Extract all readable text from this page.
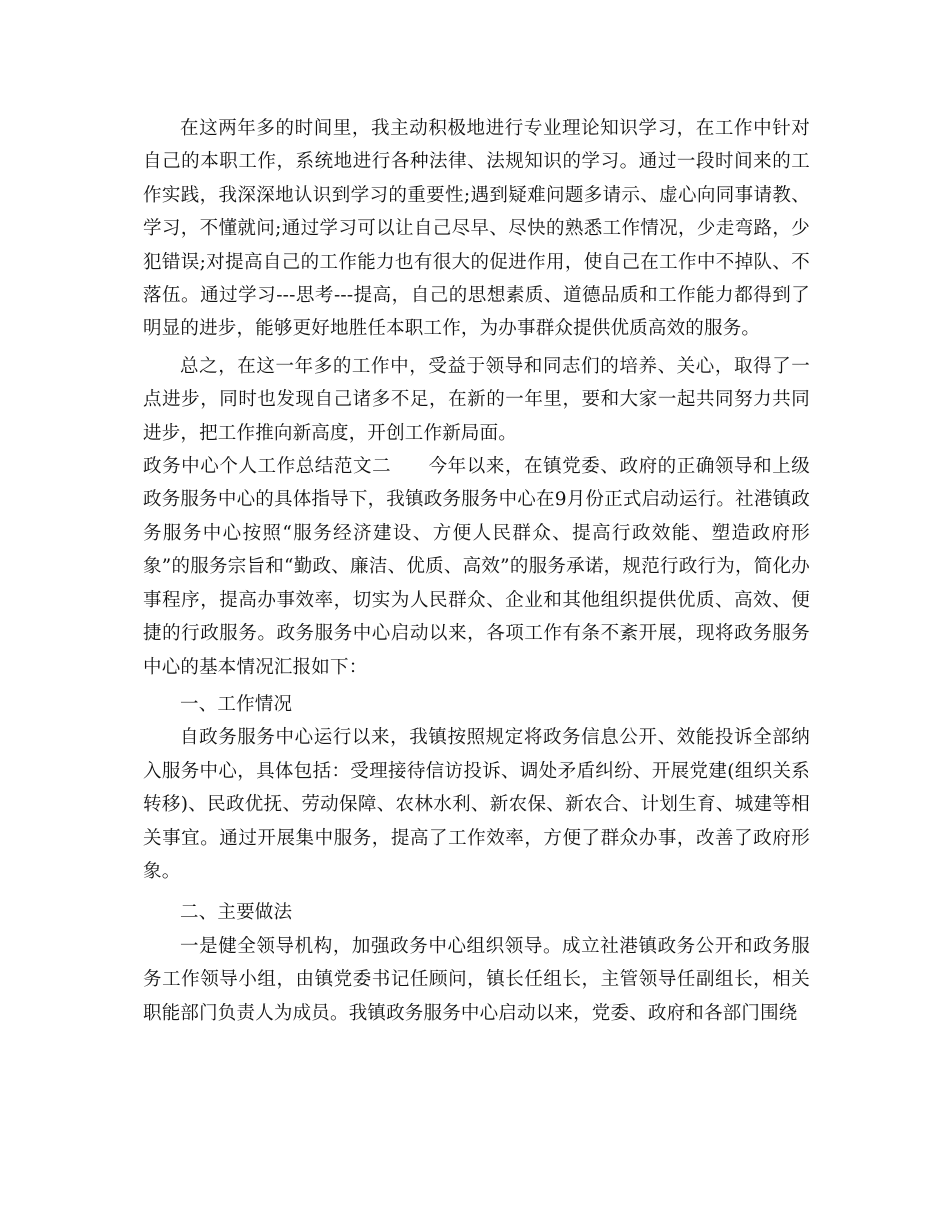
在这两年多的时间里，我主动积极地进行专业理论知识学习，在工作中针对自己的本职工作，系统地进行各种法律、法规知识的学习。通过一段时间来的工作实践，我深深地认识到学习的重要性;遇到疑难问题多请示、虚心向同事请教、学习，不懂就问;通过学习可以让自己尽早、尽快的熟悉工作情况，少走弯路，少犯错误;对提高自己的工作能力也有很大的促进作用，使自己在工作中不掉队、不落伍。通过学习---思考---提高，自己的思想素质、道德品质和工作能力都得到了明显的进步，能够更好地胜任本职工作，为办事群众提供优质高效的服务。

总之，在这一年多的工作中，受益于领导和同志们的培养、关心，取得了一点进步，同时也发现自己诸多不足，在新的一年里，要和大家一起共同努力共同进步，把工作推向新高度，开创工作新局面。

政务中心个人工作总结范文二 今年以来，在镇党委、政府的正确领导和上级政务服务中心的具体指导下，我镇政务服务中心在9月份正式启动运行。社港镇政务服务中心按照“服务经济建设、方便人民群众、提高行政效能、塑造政府形象”的服务宗旨和“勤政、廉洁、优质、高效”的服务承诺，规范行政行为，简化办事程序，提高办事效率，切实为人民群众、企业和其他组织提供优质、高效、便捷的行政服务。政务服务中心启动以来，各项工作有条不紊开展，现将政务服务中心的基本情况汇报如下：

一、工作情况

自政务服务中心运行以来，我镇按照规定将政务信息公开、效能投诉全部纳入服务中心，具体包括：受理接待信访投诉、调处矛盾纠纷、开展党建(组织关系转移)、民政优抚、劳动保障、农林水利、新农保、新农合、计划生育、城建等相关事宜。通过开展集中服务，提高了工作效率，方便了群众办事，改善了政府形象。

二、主要做法

一是健全领导机构，加强政务中心组织领导。成立社港镇政务公开和政务服务工作领导小组，由镇党委书记任顾问，镇长任组长，主管领导任副组长，相关职能部门负责人为成员。我镇政务服务中心启动以来，党委、政府和各部门围绕
